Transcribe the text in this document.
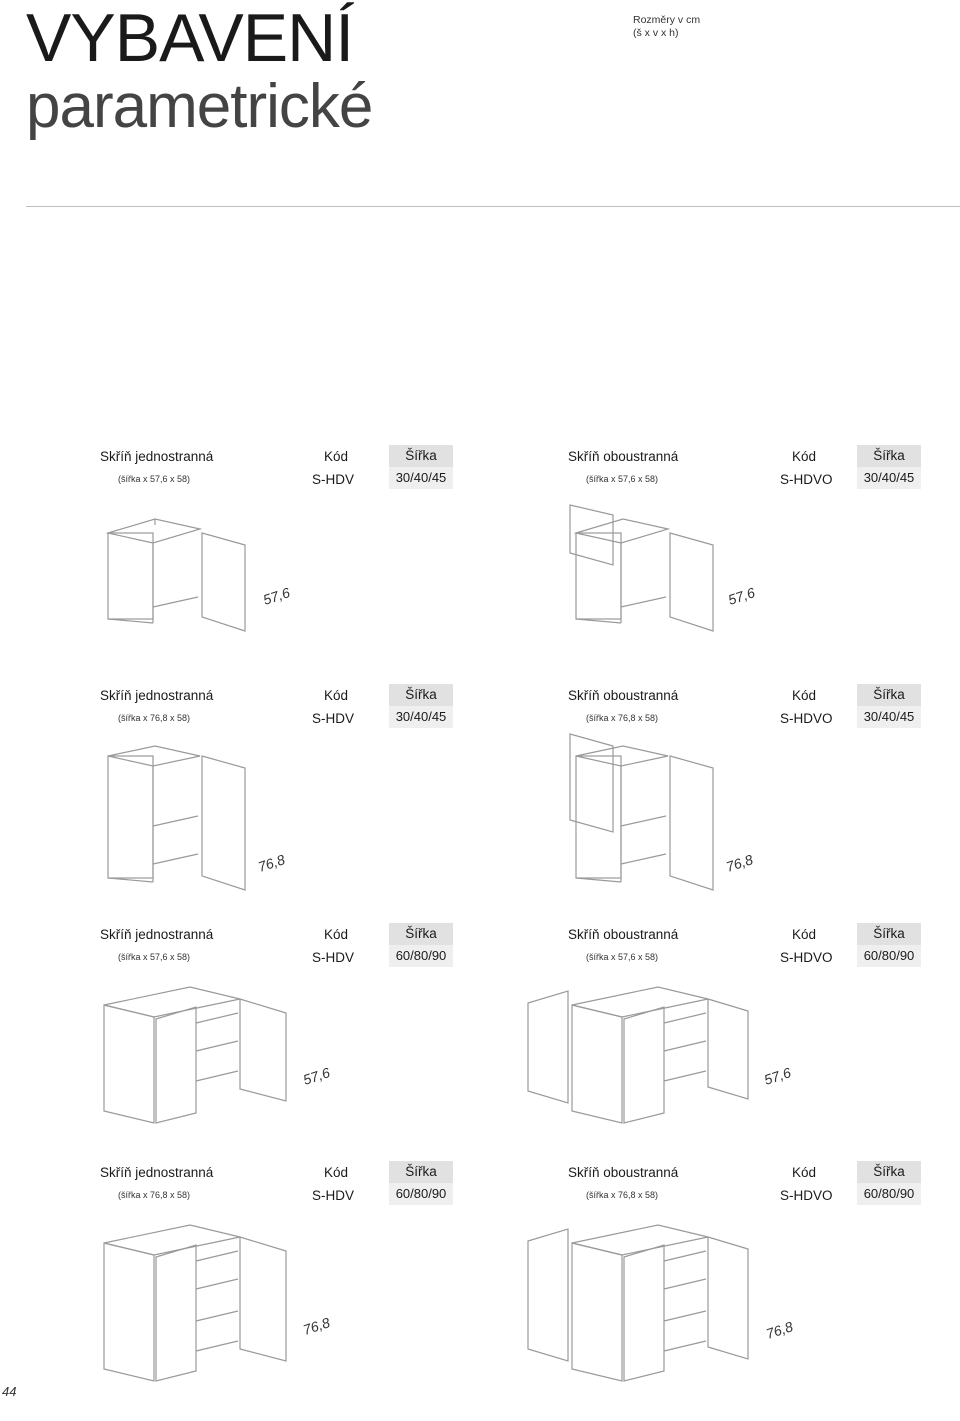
VYBAVENÍ
parametrické
Rozměry v cm
(š x v x h)
Skříň jednostranná
(šířka x 57,6 x 58)
Kód
S-HDV
Šířka
30/40/45
57,6
Skříň oboustranná
(šířka x 57,6 x 58)
Kód
S-HDVO
Šířka
30/40/45
57,6
Skříň jednostranná
(šířka x 76,8 x 58)
Kód
S-HDV
Šířka
30/40/45
76,8
Skříň oboustranná
(šířka x 76,8 x 58)
Kód
S-HDVO
Šířka
30/40/45
76,8
Skříň jednostranná
(šířka x 57,6 x 58)
Kód
S-HDV
Šířka
60/80/90
57,6
Skříň oboustranná
(šířka x 57,6 x 58)
Kód
S-HDVO
Šířka
60/80/90
57,6
Skříň jednostranná
(šířka x 76,8 x 58)
Kód
S-HDV
Šířka
60/80/90
76,8
Skříň oboustranná
(šířka x 76,8 x 58)
Kód
S-HDVO
Šířka
60/80/90
76,8
44
